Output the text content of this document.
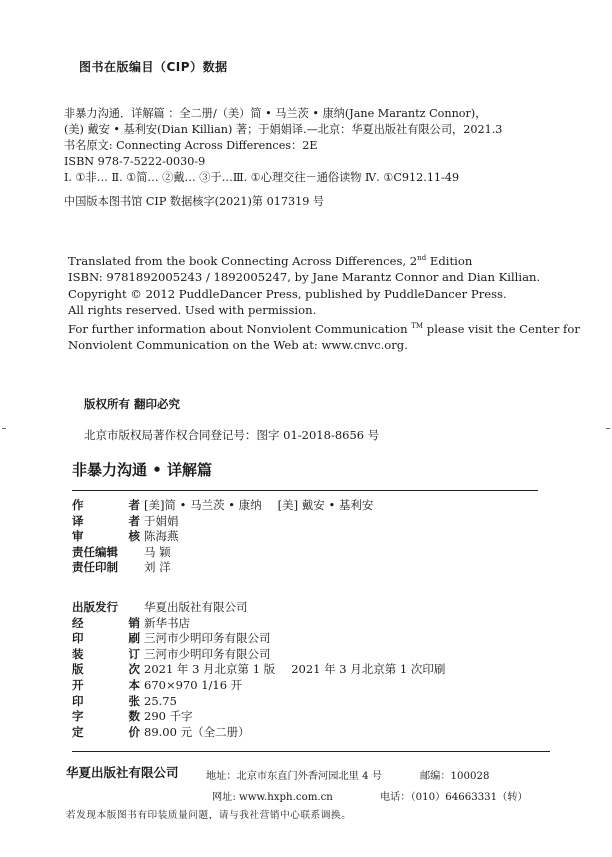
图书在版编目（CIP）数据
非暴力沟通．详解篇 ：全二册/（美）简 • 马兰茨 • 康纳(Jane Marantz Connor)，
(美) 戴安 • 基利安(Dian Killian) 著；于娟娟译.—北京：华夏出版社有限公司，2021.3
书名原文: Connecting Across Differences：2E
ISBN 978-7-5222-0030-9
Ⅰ. ①非… Ⅱ. ①简… ②戴… ③于…Ⅲ. ①心理交往－通俗读物 Ⅳ. ①C912.11-49
中国版本图书馆 CIP 数据核字(2021)第 017319 号
Translated from the book Connecting Across Differences, 2nd Edition
ISBN: 9781892005243 / 1892005247, by Jane Marantz Connor and Dian Killian.
Copyright © 2012 PuddleDancer Press, published by PuddleDancer Press.
All rights reserved. Used with permission.
For further information about Nonviolent Communication ™ please visit the Center for
Nonviolent Communication on the Web at: www.cnvc.org.
版权所有 翻印必究
北京市版权局著作权合同登记号：图字 01-2018-8656 号
非暴力沟通 • 详解篇
作	者 [美]简 • 马兰茨 • 康纳 [美] 戴安 • 基利安
译	者 于娟娟
审	核 陈海燕
责任编辑	马 颖
责任印制	刘 洋
出版发行	华夏出版社有限公司
经	销 新华书店
印	刷 三河市少明印务有限公司
装	订 三河市少明印务有限公司
版	次 2021 年 3 月北京第 1 版 2021 年 3 月北京第 1 次印刷
开	本 670×970 1/16 开
印	张 25.75
字	数 290 千字
定	价 89.00 元（全二册）
华夏出版社有限公司	地址：北京市东直门外香河园北里 4 号	邮编：100028
网址: www.hxph.com.cn	电话：（010）64663331（转）
若发现本版图书有印装质量问题，请与我社营销中心联系调换。
